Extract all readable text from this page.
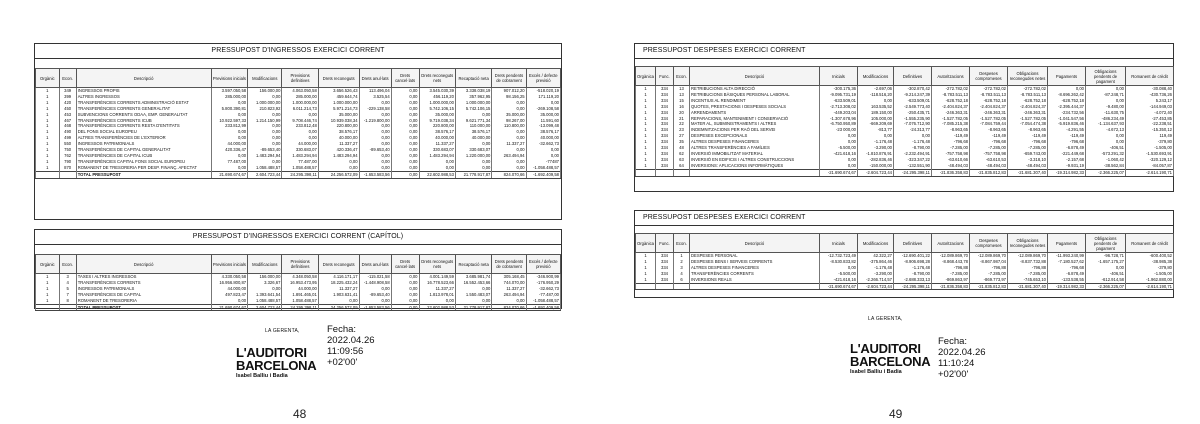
PRESSUPOST D'INGRESSOS EXERCICI CORRENT
Orgànic	Econ.	Descripció	Previsions inicials	Modificacions	Previsions definitives	Drets reconeguts	Drets anul·lats	Drets cancel·lats	Drets reconeguts nets	Recaptació neta	Drets pendents de cobrament	Excés / defecte previsió
1	349	INGRESSOS PROPIS	3.597.050,58	156.000,00	4.063.050,58	3.656.526,43	113.496,04	0,00	3.545.030,39	3.338.038,19	907.012,20	-518.020,19
1	399	ALTRES INGRESSOS	285.000,00	0,00	285.000,00	459.644,74	3.525,54	0,00	456.119,20	357.962,95	98.156,25	171.119,20
1	420	TRANSFERÈNCIES CORRENTS ADMINISTRACIÓ ESTAT	0,00	1.000.000,00	1.000.000,00	1.000.000,00	0,00	0,00	1.000.000,00	1.000.000,00	0,00	0,00
1	450	TRANSFERÈNCIES CORRENTS GENERALITAT	5.800.390,81	210.823,92	6.011.214,73	5.971.214,73	-229.138,58	0,00	5.742.106,15	5.742.106,15	0,00	-269.108,58
1	453	SUBVENCIONS CORRENTS ODAA, EMP. GENERALITAT	0,00	0,00	0,00	35.000,00	0,00	0,00	35.000,00	0,00	35.000,00	35.000,00
1	467	TRANSFERÈNCIES CORRENTS ICUB	10.922.597,33	1.214.150,99	9.708.446,74	10.939.038,34	-1.219.800,00	0,00	9.719.038,34	9.621.771,34	98.267,00	11.591,60
1	468	TRANSFERÈNCIES CORRENTS RESTA D'ENTITATS	233.812,99	0,00	233.812,48	220.800,00	0,00	0,00	220.800,00	110.000,00	110.800,00	-13.099,48
1	490	DEL FONS SOCIAL EUROPEU	0,00	0,00	0,00	38.576,17	0,00	0,00	38.576,17	38.576,17	0,00	38.576,17
1	499	ALTRES TRANSFERÈNCIES DE L'EXTERIOR	0,00	0,00	0,00	40.000,00	0,00	0,00	40.000,00	40.000,00	0,00	40.000,00
1	550	INGRESSOS PATRIMONIALS	44.000,00	0,00	44.000,00	11.337,27	0,00	0,00	11.337,27	0,00	11.337,27	-32.662,73
1	750	TRANSFERÈNCIES DE CAPITAL GENERALITAT	420.336,47	-89.653,40	330.683,07	420.336,47	-89.653,40	0,00	330.683,07	330.683,07	0,00	0,00
1	762	TRANSFERÈNCIES DE CAPITAL ICUB	0,00	1.483.294,94	1.483.294,94	1.483.294,94	0,00	0,00	1.483.294,94	1.220.000,00	263.494,94	0,00
1	790	TRANSFERÈNCIES CAPITAL FONS SOCIAL EUROPEU	77.487,00	0,00	77.487,00	0,00	0,00	0,00	0,00	0,00	0,00	-77487
1	870	ROMANENT DE TRESORERIA PER DESP. FINANÇ. AFECTAT	0,00	1.058.488,57	1.058.488,57	0,00	0,00	0,00	0,00	0,00	0,00	-1.058.488,57
		TOTAL PRESSUPOST	21.690.674,67	2.604.723,44	24.295.398,11	24.256.572,09	-1.653.583,56	0,00	22.602.988,53	21.778.917,87	824.070,66	-1.692.409,58
PRESSUPOST D'INGRESSOS EXERCICI CORRENT (CAPÍTOL)
Orgànic	Econ.	Descripció	Previsions inicials	Modificacions	Previsions definitives	Drets reconeguts	Drets anul·lats	Drets cancel·lats	Drets reconeguts nets	Recaptació neta	Drets pendents de cobrament	Excés / defecte previsió
1	3	TAXES I ALTRES INGRESSOS	4.330.050,58	156.000,00	4.348.050,58	4.116.171,17	-115.021,58	0,00	4.001.149,59	3.685.981,74	305.168,45	-346.900,99
1	4	TRANSFERÈNCIES CORRENTS	16.956.800,87	3.326,67	16.953.473,95	18.225.432,24	-1.448.908,58	0,00	16.778.523,66	16.552.453,66	744.070,00	-176.950,29
1	5	INGRESSOS PATRIMONIALS	44.000,00	0,00	44.000,00	11.337,27	0,00	0,00	11.337,27	0,00	11.337,27	-32.662,73
1	7	TRANSFERÈNCIES DE CAPITAL	497.823,47	1.393.641,54	1.891.465,01	1.903.631,41	-89.653,40	0,00	1.813.978,01	1.550.483,07	263.494,94	-77.487,00
1	8	ROMANENT DE TRESORERIA	0,00	1.058.488,57	1.058.488,57	0,00	0,00	0,00	0,00	0,00	0,00	-1.058.488,57
		TOTAL PRESSUPOST	21.690.674,67	2.604.723,44	24.295.398,11	24.256.572,09	-1.653.583,56	0,00	22.602.988,53	21.778.917,87	824.070,66	-1.692.409,58
LA GERENTA,
L'AUDITORI
BARCELONA
Isabel Balliu i Badia
Fecha:
2022.04.26
11:09:56
+02'00'
48
PRESSUPOST DESPESES EXERCICI CORRENT
Orgànica	Func.	Econ.	Descripció	Inicials	Modificacions	Definitives	Autoritzacions	Despeses compromeses	Obligacions reconegudes netes	Pagaments	Obligacions pendents de pagament	Romanent de crèdit
1	334	13	RETRIBUCIONS ALTA DIRECCIÓ	-300.175,36	-2.697,06	-302.870,42	-272.782,02	-272.782,02	-272.782,02	0,00	0,00	-30.088,40
1	334	13	RETRIBUCIONS BÀSIQUES PERSONAL LABORAL	-9.095.731,19	-118.516,20	-9.214.247,39	-8.783.511,13	-8.783.511,13	-8.783.511,13	-8.696.262,42	-87.248,71	-430.736,26
1	334	15	INCENTIUS AL RENDIMENT	-633.509,01	0,00	-633.509,01	-628.752,18	-628.752,18	-628.752,18	-628.752,18	0,00	5.243,17
1	334	16	QUOTES, PRESTACIONS I DESPESES SOCIALS	-2.713.308,02	163.535,52	-2.549.773,40	-2.404.824,37	-2.404.824,37	-2.404.824,37	-2.395.444,37	-9.480,00	-144.949,03
1	334	20	ARRENDAMENTS	-449.203,04	189.150,00	-250.435,71	-246.363,31	-246.363,31	-246.363,31	-234.732,56	-11.630,75	-4.072,40
1	334	21	REPARACIONS, MANTENIMENT I CONSERVACIÓ	-1.307.678,96	105.000,00	-1.555.235,90	-1.527.782,05	-1.527.782,05	-1.527.782,05	-1.041.547,56	-486.234,49	-27.453,85
1	334	22	MATER AL, SUBMINISTRAMENTS I ALTRES	-6.750.950,89	-669.209,69	-7.076.712,90	-7.085.215,38	-7.084.759,44	-7.054.474,38	-5.919.836,46	-1.134.637,93	-22.238,51
1	334	23	INDEMNITZACIONS PER RAÓ DEL SERVEI	-23 000,00	-813,77	-24.313,77	-8.963,65	-8.963,65	-8.963,65	-4.291,55	-4.672,13	-15.350,12
1	334	27	DESPESES EXCEPCIONALS	0,00	0,00	0,00	-119,49	-119,49	-119,49	-119,49	0,00	119,49
1	334	35	ALTRES DESPESES FINANCERES	0,00	-1.176,48	-1.176,48	-796,68	-796,68	-796,68	-796,68	0,00	-379,80
1	334	48	ALTRES TRANSFERÈNCIES A FAMÍLIES	-5.500,00	-3.290,00	-8.790,00	-7.285,00	-7.285,00	-7.285,00	-6.878,49	-406,51	-1.505,00
1	334	62	INVERSIÓ IMMOBILITZAT MATERIAL	-421.618,16	-1.810.876,91	-2.232.494,91	-757.758,98	-757.758,98	-659.743,00	-221.449,68	-573.291,32	-1.530.693,91
1	334	63	INVERSIÓ EN EDIFICIS I ALTRES CONSTRUCCIONS	0,00	-282.836,46	-323.347,22	-63.610,66	-63.610,53	-3.318,10	-2.157,68	-1.060,42	-320.129,12
1	334	64	INVERSIONS: APLICACIONS INFORMÀTIQUES	0,00	-150.000,00	-132.551,90	-48.494,03	-48.494,03	-48.494,03	-9.931,19	-38.562,84	-84.057,87
				-21.690.674,67	-2.604.723,44	-24.295.398,11	-21.836.358,83	-21.835.812,83	-21.681.307,40	-19.314.982,33	-2.366.225,07	-2.614.190,71
PRESSUPOST DESPESES EXERCICI CORRENT
Orgànica	Func.	Econ.	Descripció	Inicials	Modificacions	Definitives	Autoritzacions	Despeses compromeses	Obligacions reconegudes netes	Pagaments	Obligacions pendents de pagament	Romanent de crèdit
1	334	1	DESPESES PERSONAL	-12.732.723,49	42.322,27	-12.690.401,22	-12.089.869,70	-12.089.869,70	-12.089.869,70	-11.993.240,99	-96.728,71	-600.400,52
1	334	2	DESPESES BENS I SERVEIS CORRENTS	-8.530.833,82	-375.864,46	-8.906.698,28	-8.868.443,78	-8.867.987,04	-8.837.732,88	-7.180.527,62	-1.657.175,27	-38.985,38
1	334	3	ALTRES DESPESES FINANCERES	0,00	-1.176,48	-1.176,48	-796,88	-796,88	-796,88	-796,68	0,00	-379,80
1	334	4	TRANSFERÈNCIES CORRENTS	-5.500,00	-3.290,00	-8.790,00	-7.285,00	-7.285,00	-7.285,00	-6.878,49	-406,51	-1.505,00
1	334	6	INVERSIONS REALS	-421.618,16	-2.266.714,57	-2.688.333,13	-869.863,97	-869.773,97	-745.653,10	-133.538,55	-612.914,58	-1.962.880,00
				-21.690.674,67	-2.604.723,44	-24.295.398,11	-21.836.358,83	-21.835.812,83	-21.681.307,40	-19.314.982,33	-2.366.225,07	-2.614.190,71
LA GERENTA,
L'AUDITORI
BARCELONA
Isabel Balliu i Badia
Fecha:
2022.04.26
11:10:24
+02'00'
49
